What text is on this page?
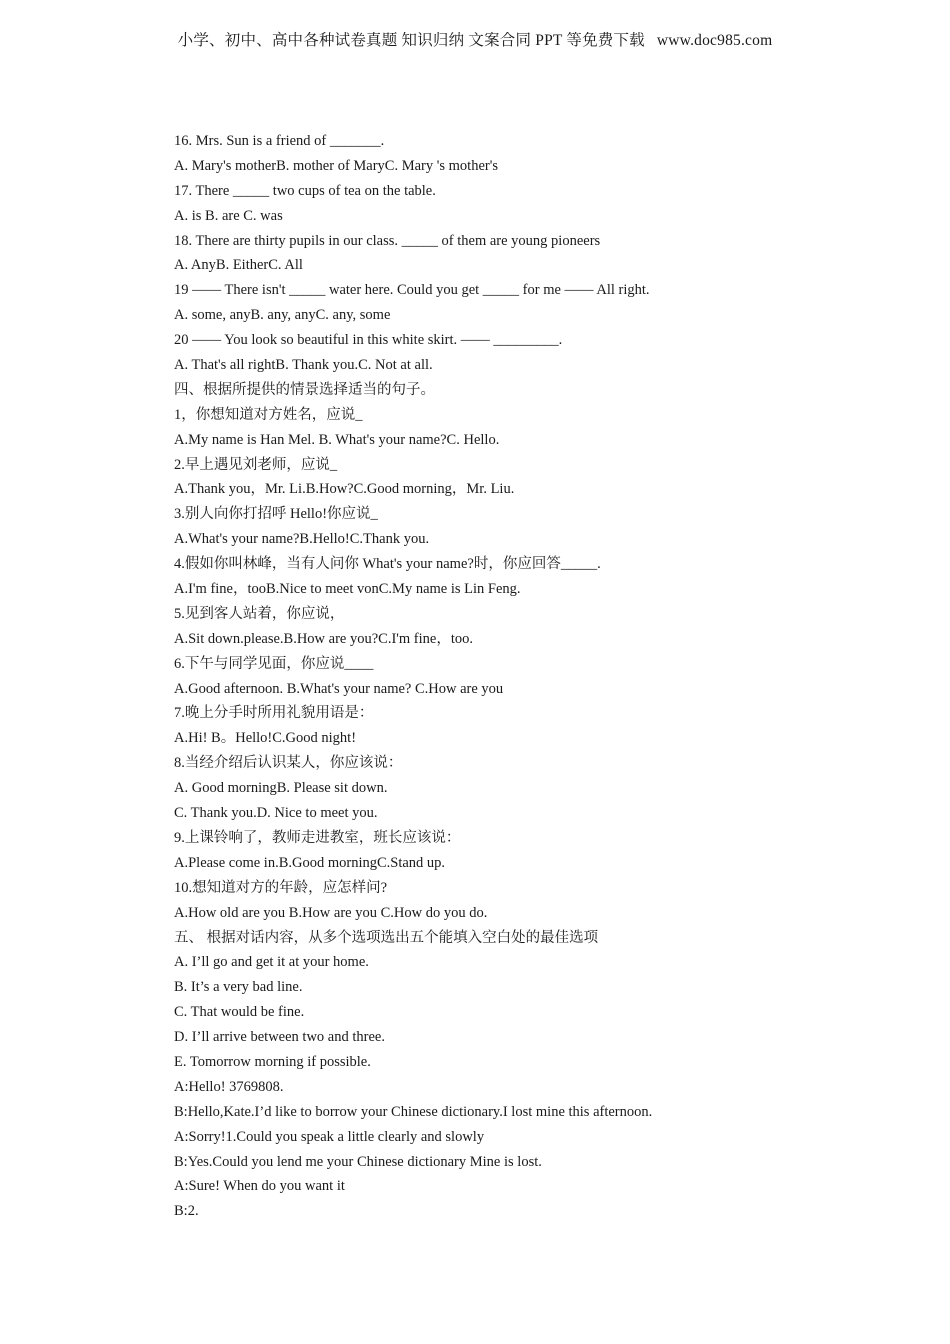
小学、初中、高中各种试卷真题 知识归纳 文案合同 PPT 等免费下载 www.doc985.com
16. Mrs. Sun is a friend of _______.
A. Mary's motherB. mother of MaryC. Mary 's mother's
17. There _____ two cups of tea on the table.
A. is B. are C. was
18. There are thirty pupils in our class. _____ of them are young pioneers
A. AnyB. EitherC. All
19 —— There isn't _____ water here. Could you get _____ for me —— All right.
A. some, anyB. any, anyC. any, some
20 —— You look so beautiful in this white skirt. —— _________.
A. That's all rightB. Thank you.C. Not at all.
四、根据所提供的情景选择适当的句子。
1，你想知道对方姓名，应说_
A.My name is Han Mel. B. What's your name?C. Hello.
2.早上遇见刘老师，应说_
A.Thank you，Mr. Li.B.How?C.Good morning，Mr. Liu.
3.别人向你打招呼 Hello!你应说_
A.What's your name?B.Hello!C.Thank you.
4.假如你叫林峰，当有人问你 What's your name?时，你应回答_____.
A.I'm fine，tooB.Nice to meet vonC.My name is Lin Feng.
5.见到客人站着，你应说，
A.Sit down.please.B.How are you?C.I'm fine，too.
6.下午与同学见面，你应说____
A.Good afternoon. B.What's your name? C.How are you
7.晚上分手时所用礼貌用语是：
A.Hi! B。Hello!C.Good night!
8.当经介绍后认识某人，你应该说：
A. Good morningB. Please sit down.
C. Thank you.D. Nice to meet you.
9.上课铃响了，教师走进教室，班长应该说：
A.Please come in.B.Good morningC.Stand up.
10.想知道对方的年龄，应怎样问?
A.How old are you B.How are you C.How do you do.
五、 根据对话内容，从多个选项选出五个能填入空白处的最佳选项
A. I’ll go and get it at your home.
B. It’s a very bad line.
C. That would be fine.
D. I’ll arrive between two and three.
E. Tomorrow morning if possible.
A:Hello! 3769808.
B:Hello,Kate.I’d like to borrow your Chinese dictionary.I lost mine this afternoon.
A:Sorry!1.Could you speak a little clearly and slowly
B:Yes.Could you lend me your Chinese dictionary Mine is lost.
A:Sure! When do you want it
B:2.
